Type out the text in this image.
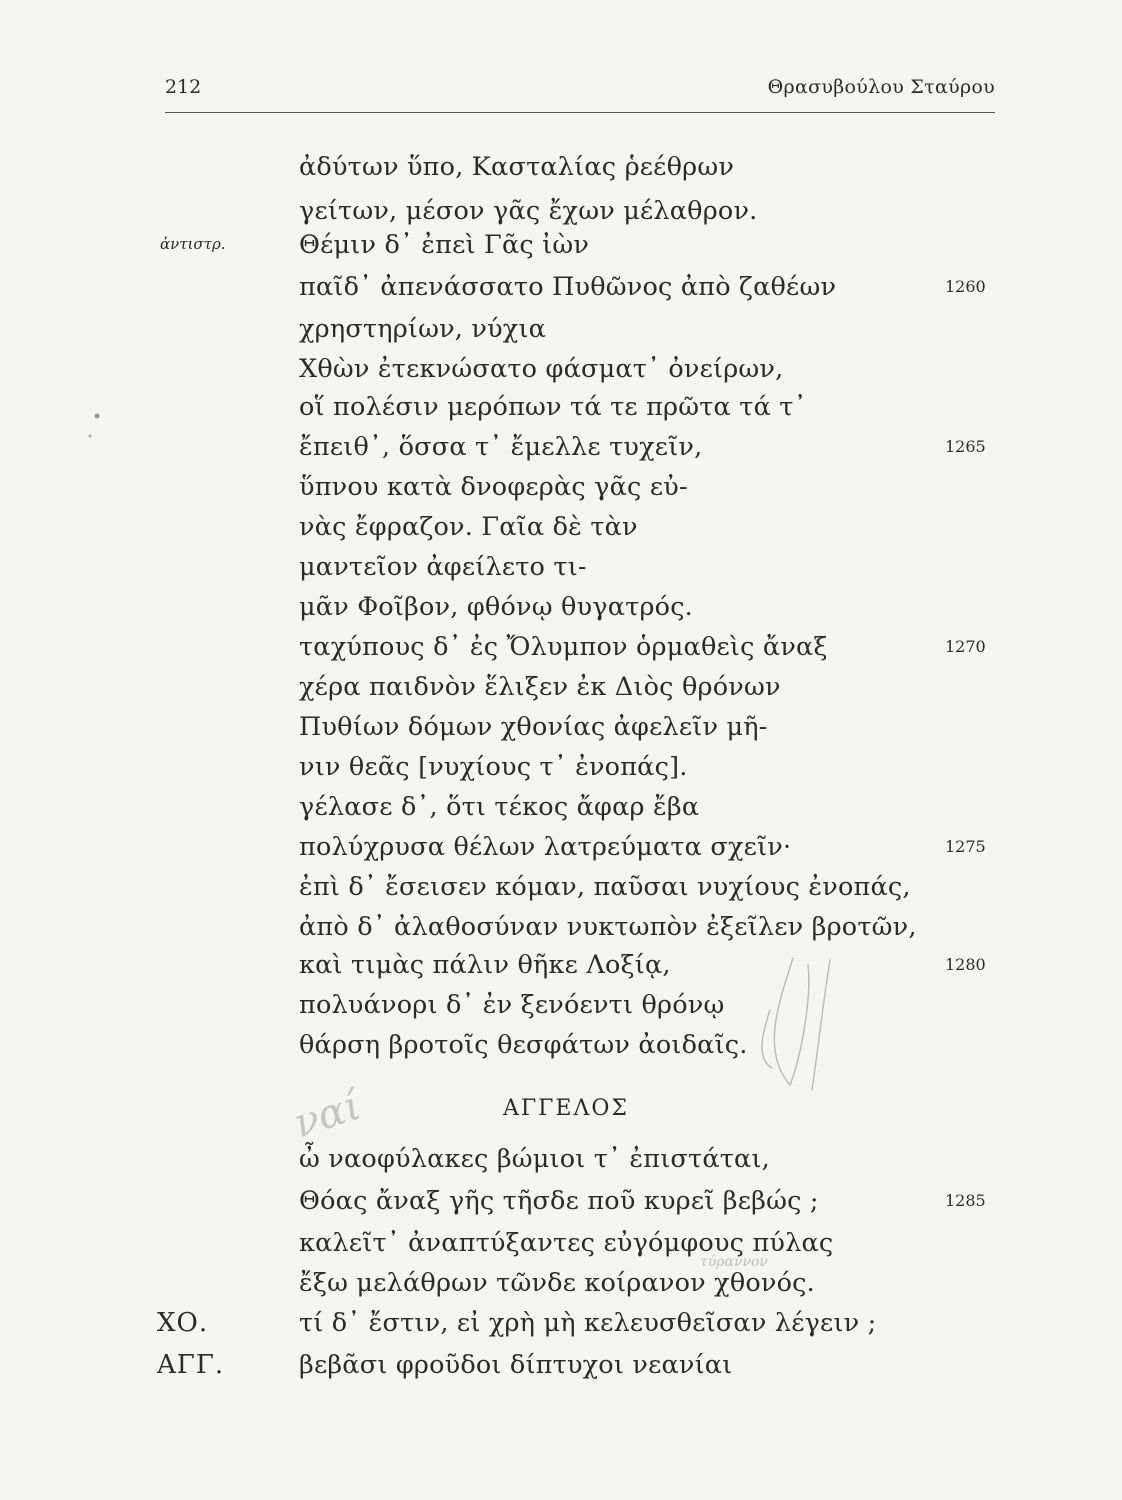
212	Θρασυβούλου Σταύρου
ἀδύτων ὕπο, Κασταλίας ῥεέθρων
γείτων, μέσον γᾶς ἔχων μέλαθρον.
ἀντιστρ.	Θέμιν δ᾽ ἐπεὶ Γᾶς ἰὼν
παῖδ᾽ ἀπενάσσατο Πυθῶνος ἀπὸ ζαθέων	1260
χρηστηρίων, νύχια
Χθὼν ἐτεκνώσατο φάσματ᾽ ὀνείρων,
οἵ πολέσιν μερόπων τά τε πρῶτα τά τ᾽
ἔπειθ᾽, ὅσσα τ᾽ ἔμελλε τυχεῖν,	1265
ὕπνου κατὰ δνοφερὰς γᾶς εὐ-
νὰς ἔφραζον. Γαῖα δὲ τὰν
μαντεῖον ἀφείλετο τι-
μᾶν Φοῖβον, φθόνῳ θυγατρός.
ταχύπους δ᾽ ἐς Ὄλυμπον ὁρμαθεὶς ἄναξ	1270
χέρα παιδνὸν ἕλιξεν ἐκ Διὸς θρόνων
Πυθίων δόμων χθονίας ἀφελεῖν μῆ-
νιν θεᾶς [νυχίους τ᾽ ἐνοπάς].
γέλασε δ᾽, ὅτι τέκος ἄφαρ ἔβα
πολύχρυσα θέλων λατρεύματα σχεῖν·	1275
ἐπὶ δ᾽ ἔσεισεν κόμαν, παῦσαι νυχίους ἐνοπάς,
ἀπὸ δ᾽ ἀλαθοσύναν νυκτωπὸν ἐξεῖλεν βροτῶν,
καὶ τιμὰς πάλιν θῆκε Λοξίᾳ,	1280
πολυάνορι δ᾽ ἐν ξενόεντι θρόνῳ
θάρση βροτοῖς θεσφάτων ἀοιδαῖς.
ΑΓΓΕΛΟΣ
ὦ ναοφύλακες βώμιοι τ᾽ ἐπιστάται,
Θόας ἄναξ γῆς τῆσδε ποῦ κυρεῖ βεβώς ;	1285
καλεῖτ᾽ ἀναπτύξαντες εὐγόμφους πύλας
ἔξω μελάθρων τῶνδε κοίρανον χθονός.
ΧΟ.	τί δ᾽ ἔστιν, εἰ χρὴ μὴ κελευσθεῖσαν λέγειν ;
ΑΓΓ.	βεβᾶσι φροῦδοι δίπτυχοι νεανίαι
ναί
τύραννον
